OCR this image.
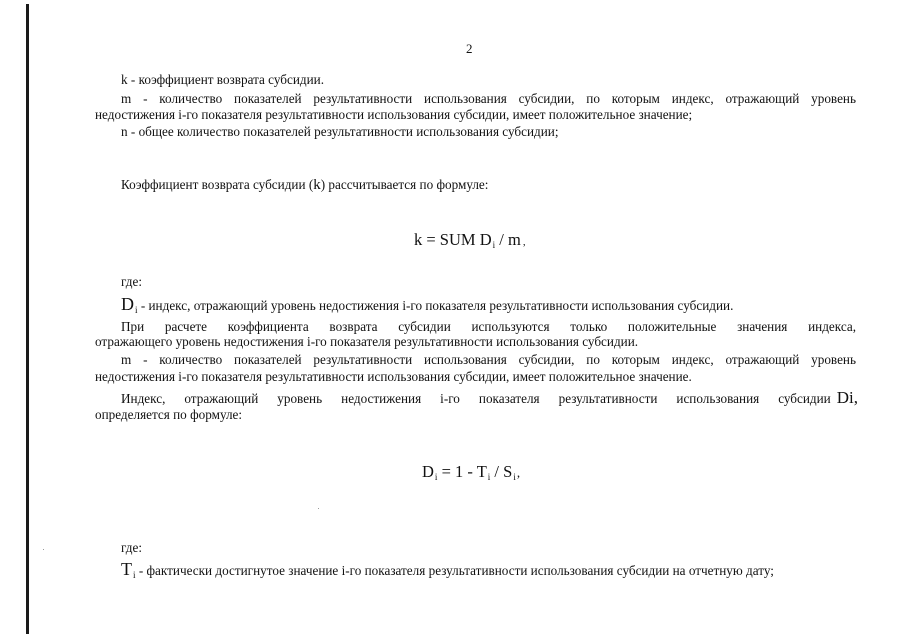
2
k - коэффициент возврата субсидии.
m - количество показателей результативности использования субсидии, по которым индекс, отражающий уровень
недостижения i-го показателя результативности использования субсидии, имеет положительное значение;
n - общее количество показателей результативности использования субсидии;
Коэффициент возврата субсидии (k) рассчитывается по формуле:
k = SUM $D_i$ / m ,
где:
$D_i$ - индекс, отражающий уровень недостижения i-го показателя результативности использования субсидии.
При расчете коэффициента возврата субсидии используются только положительные значения индекса,
отражающего уровень недостижения i-го показателя результативности использования субсидии.
m - количество показателей результативности использования субсидии, по которым индекс, отражающий уровень
недостижения i-го показателя результативности использования субсидии, имеет положительное значение.
Индекс, отражающий уровень недостижения i-го показателя результативности использования субсидии Di,
определяется по формуле:
$D_i = 1 - T_i / S_i$,
где:
$T_i$ - фактически достигнутое значение i-го показателя результативности использования субсидии на отчетную дату;
